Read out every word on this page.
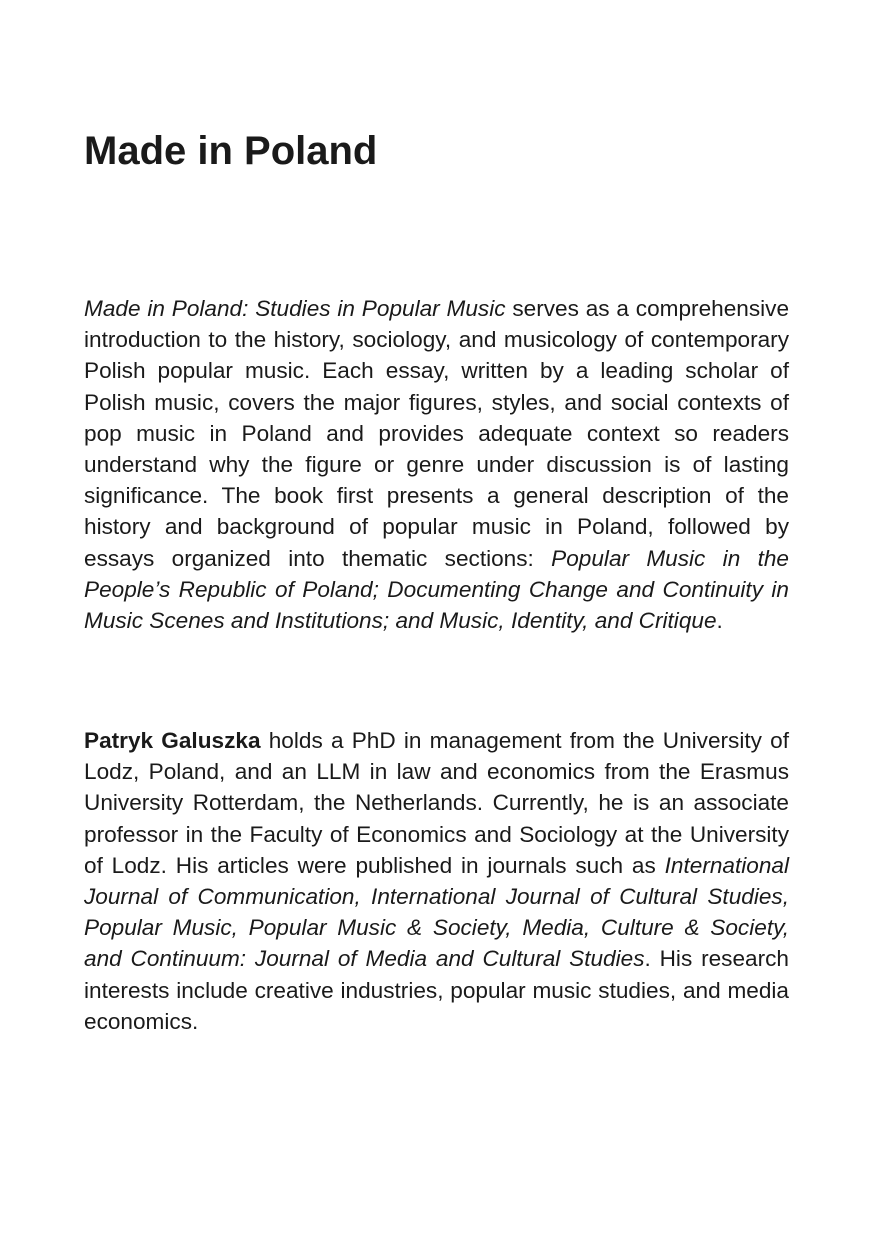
Made in Poland

Made in Poland: Studies in Popular Music serves as a comprehensive introduction to the history, sociology, and musicology of contemporary Polish popular music. Each essay, written by a leading scholar of Polish music, covers the major figures, styles, and social contexts of pop music in Poland and provides adequate context so readers understand why the figure or genre under discussion is of lasting significance. The book first presents a general description of the history and background of popular music in Poland, followed by essays organized into thematic sections: Popular Music in the People’s Republic of Poland; Documenting Change and Continuity in Music Scenes and Institutions; and Music, Identity, and Critique.

Patryk Galuszka holds a PhD in management from the University of Lodz, Poland, and an LLM in law and economics from the Erasmus University Rotterdam, the Netherlands. Currently, he is an associate professor in the Faculty of Economics and Sociology at the University of Lodz. His articles were published in journals such as International Journal of Communication, International Journal of Cultural Studies, Popular Music, Popular Music & Society, Media, Culture & Society, and Continuum: Journal of Media and Cultural Studies. His research interests include creative industries, popular music studies, and media economics.
